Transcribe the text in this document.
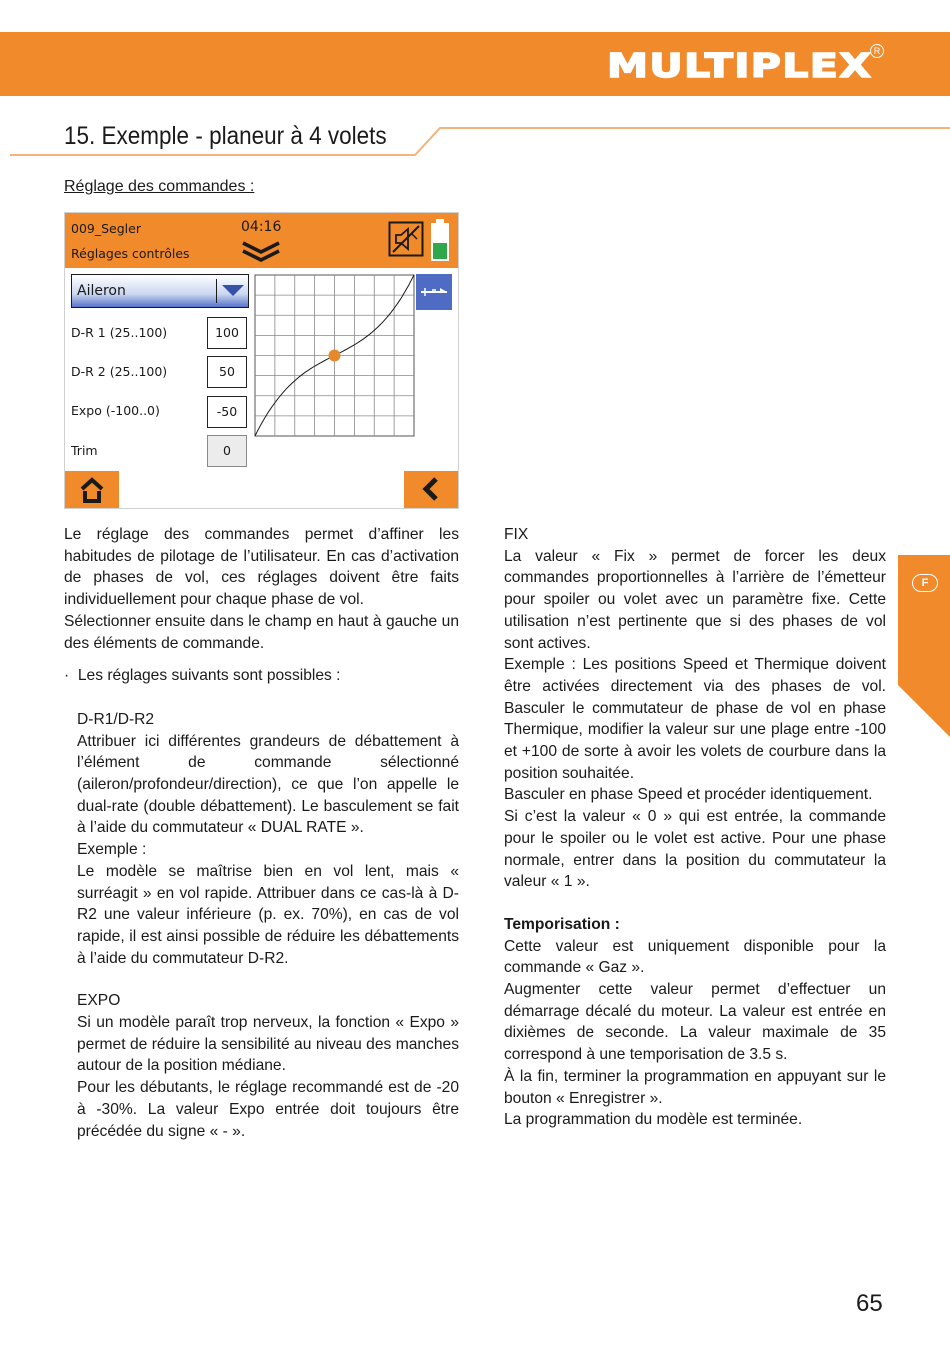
MULTIPLEX R
15. Exemple - planeur à 4 volets
Réglage des commandes :
009_Segler	04:16
Réglages contrôles
Aileron
D-R 1 (25..100)	100
D-R 2 (25..100)	50
Expo (-100..0)	-50
Trim	0

Le réglage des commandes permet d’affiner les habitudes de pilotage de l’utilisateur. En cas d’activation de phases de vol, ces réglages doivent être faits individuellement pour chaque phase de vol.

Sélectionner ensuite dans le champ en haut à gauche un des éléments de commande.

·  Les réglages suivants sont possibles :

D-R1/D-R2

Attribuer ici différentes grandeurs de débattement à l’élément de commande sélectionné (aileron/profondeur/direction), ce que l’on appelle le dual-rate (double débattement). Le basculement se fait à l’aide du commutateur « DUAL RATE ».

Exemple :

Le modèle se maîtrise bien en vol lent, mais « surréagit » en vol rapide. Attribuer dans ce cas-là à D-R2 une valeur inférieure (p. ex. 70%), en cas de vol rapide, il est ainsi possible de réduire les débattements à l’aide du commutateur D-R2.

EXPO

Si un modèle paraît trop nerveux, la fonction « Expo » permet de réduire la sensibilité au niveau des manches autour de la position médiane.

Pour les débutants, le réglage recommandé est de -20 à -30%. La valeur Expo entrée doit toujours être précédée du signe « - ».

FIX

La valeur « Fix » permet de forcer les deux commandes proportionnelles à l’arrière de l’émetteur pour spoiler ou volet avec un paramètre fixe. Cette utilisation n’est pertinente que si des phases de vol sont actives.

Exemple : Les positions Speed et Thermique doivent être activées directement via des phases de vol. Basculer le commutateur de phase de vol en phase Thermique, modifier la valeur sur une plage entre -100 et +100 de sorte à avoir les volets de courbure dans la position souhaitée.

Basculer en phase Speed et procéder identiquement.

Si c’est la valeur « 0 » qui est entrée, la commande pour le spoiler ou le volet est active. Pour une phase normale, entrer dans la position du commutateur la valeur « 1 ».

Temporisation :

Cette valeur est uniquement disponible pour la commande « Gaz ».

Augmenter cette valeur permet d’effectuer un démarrage décalé du moteur. La valeur est entrée en dixièmes de seconde. La valeur maximale de 35 correspond à une temporisation de 3.5 s.

À la fin, terminer la programmation en appuyant sur le bouton « Enregistrer ».

La programmation du modèle est terminée.

F
65
